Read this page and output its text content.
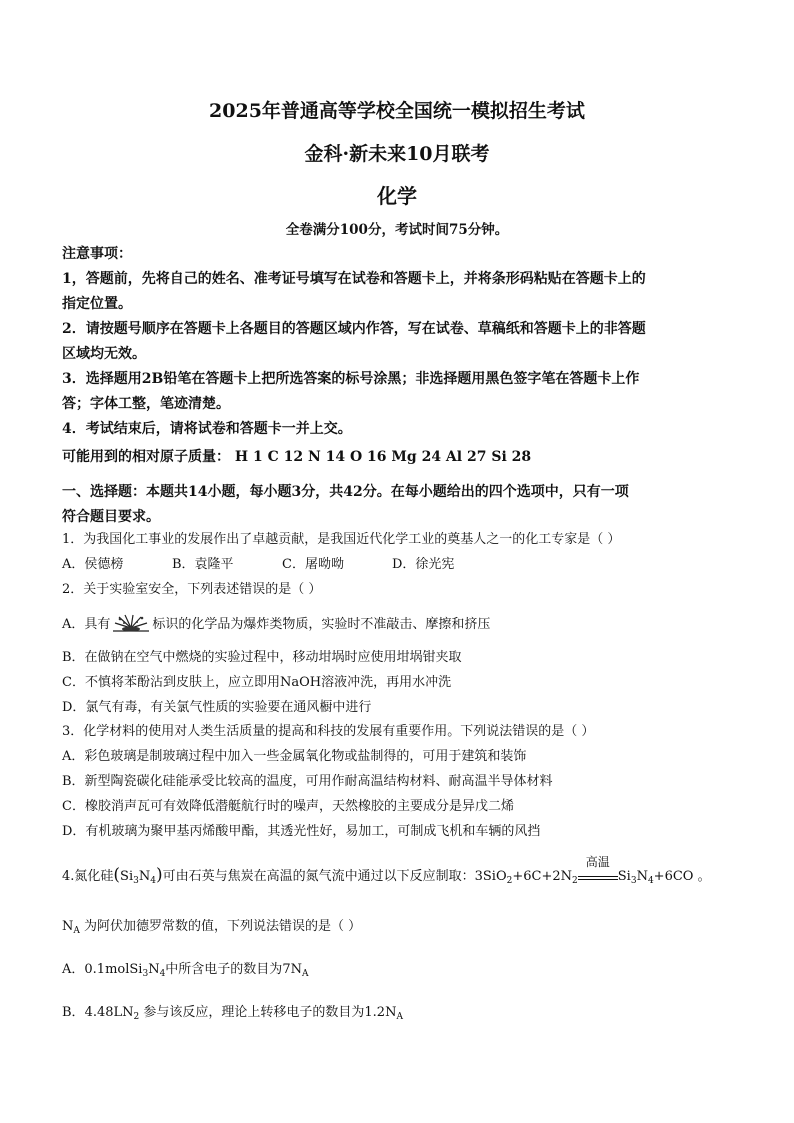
2025年普通高等学校全国统一模拟招生考试
金科·新未来10月联考
化学
全卷满分100分，考试时间75分钟。
注意事项：
1，答题前，先将自己的姓名、准考证号填写在试卷和答题卡上，并将条形码粘贴在答题卡上的
指定位置。
2．请按题号顺序在答题卡上各题目的答题区域内作答，写在试卷、草稿纸和答题卡上的非答题
区域均无效。
3．选择题用2B铅笔在答题卡上把所选答案的标号涂黑；非选择题用黑色签字笔在答题卡上作
答；字体工整，笔迹清楚。
4．考试结束后，请将试卷和答题卡一并上交。
可能用到的相对原子质量： H 1 C 12 N 14 O 16 Mg 24 Al 27 Si 28
一、选择题：本题共14小题，每小题3分，共42分。在每小题给出的四个选项中，只有一项
符合题目要求。
1．为我国化工事业的发展作出了卓越贡献，是我国近代化学工业的奠基人之一的化工专家是（ ）
A．侯德榜	B．袁隆平	C．屠呦呦	D．徐光宪
2．关于实验室安全，下列表述错误的是（ ）
A．具有	标识的化学品为爆炸类物质，实验时不准敲击、摩擦和挤压
B．在做钠在空气中燃烧的实验过程中，移动坩埚时应使用坩埚钳夹取
C．不慎将苯酚沾到皮肤上，应立即用NaOH溶液冲洗，再用水冲洗
D．氯气有毒，有关氯气性质的实验要在通风橱中进行
3．化学材料的使用对人类生活质量的提高和科技的发展有重要作用。下列说法错误的是（ ）
A．彩色玻璃是制玻璃过程中加入一些金属氧化物或盐制得的，可用于建筑和装饰
B．新型陶瓷碳化硅能承受比较高的温度，可用作耐高温结构材料、耐高温半导体材料
C．橡胶消声瓦可有效降低潜艇航行时的噪声，天然橡胶的主要成分是异戊二烯
D．有机玻璃为聚甲基丙烯酸甲酯，其透光性好，易加工，可制成飞机和车辆的风挡
4.氮化硅$(Si_3N_4)$可由石英与焦炭在高温的氮气流中通过以下反应制取：$3SiO_2+6C+2N_2$
高温
$Si_3N_4+6CO$ 。
$N_A$ 为阿伏加德罗常数的值，下列说法错误的是（ ）
A．$0.1molSi_3N_4$中所含电子的数目为$7N_A$
B．$4.48LN_2$ 参与该反应，理论上转移电子的数目为$1.2N_A$
